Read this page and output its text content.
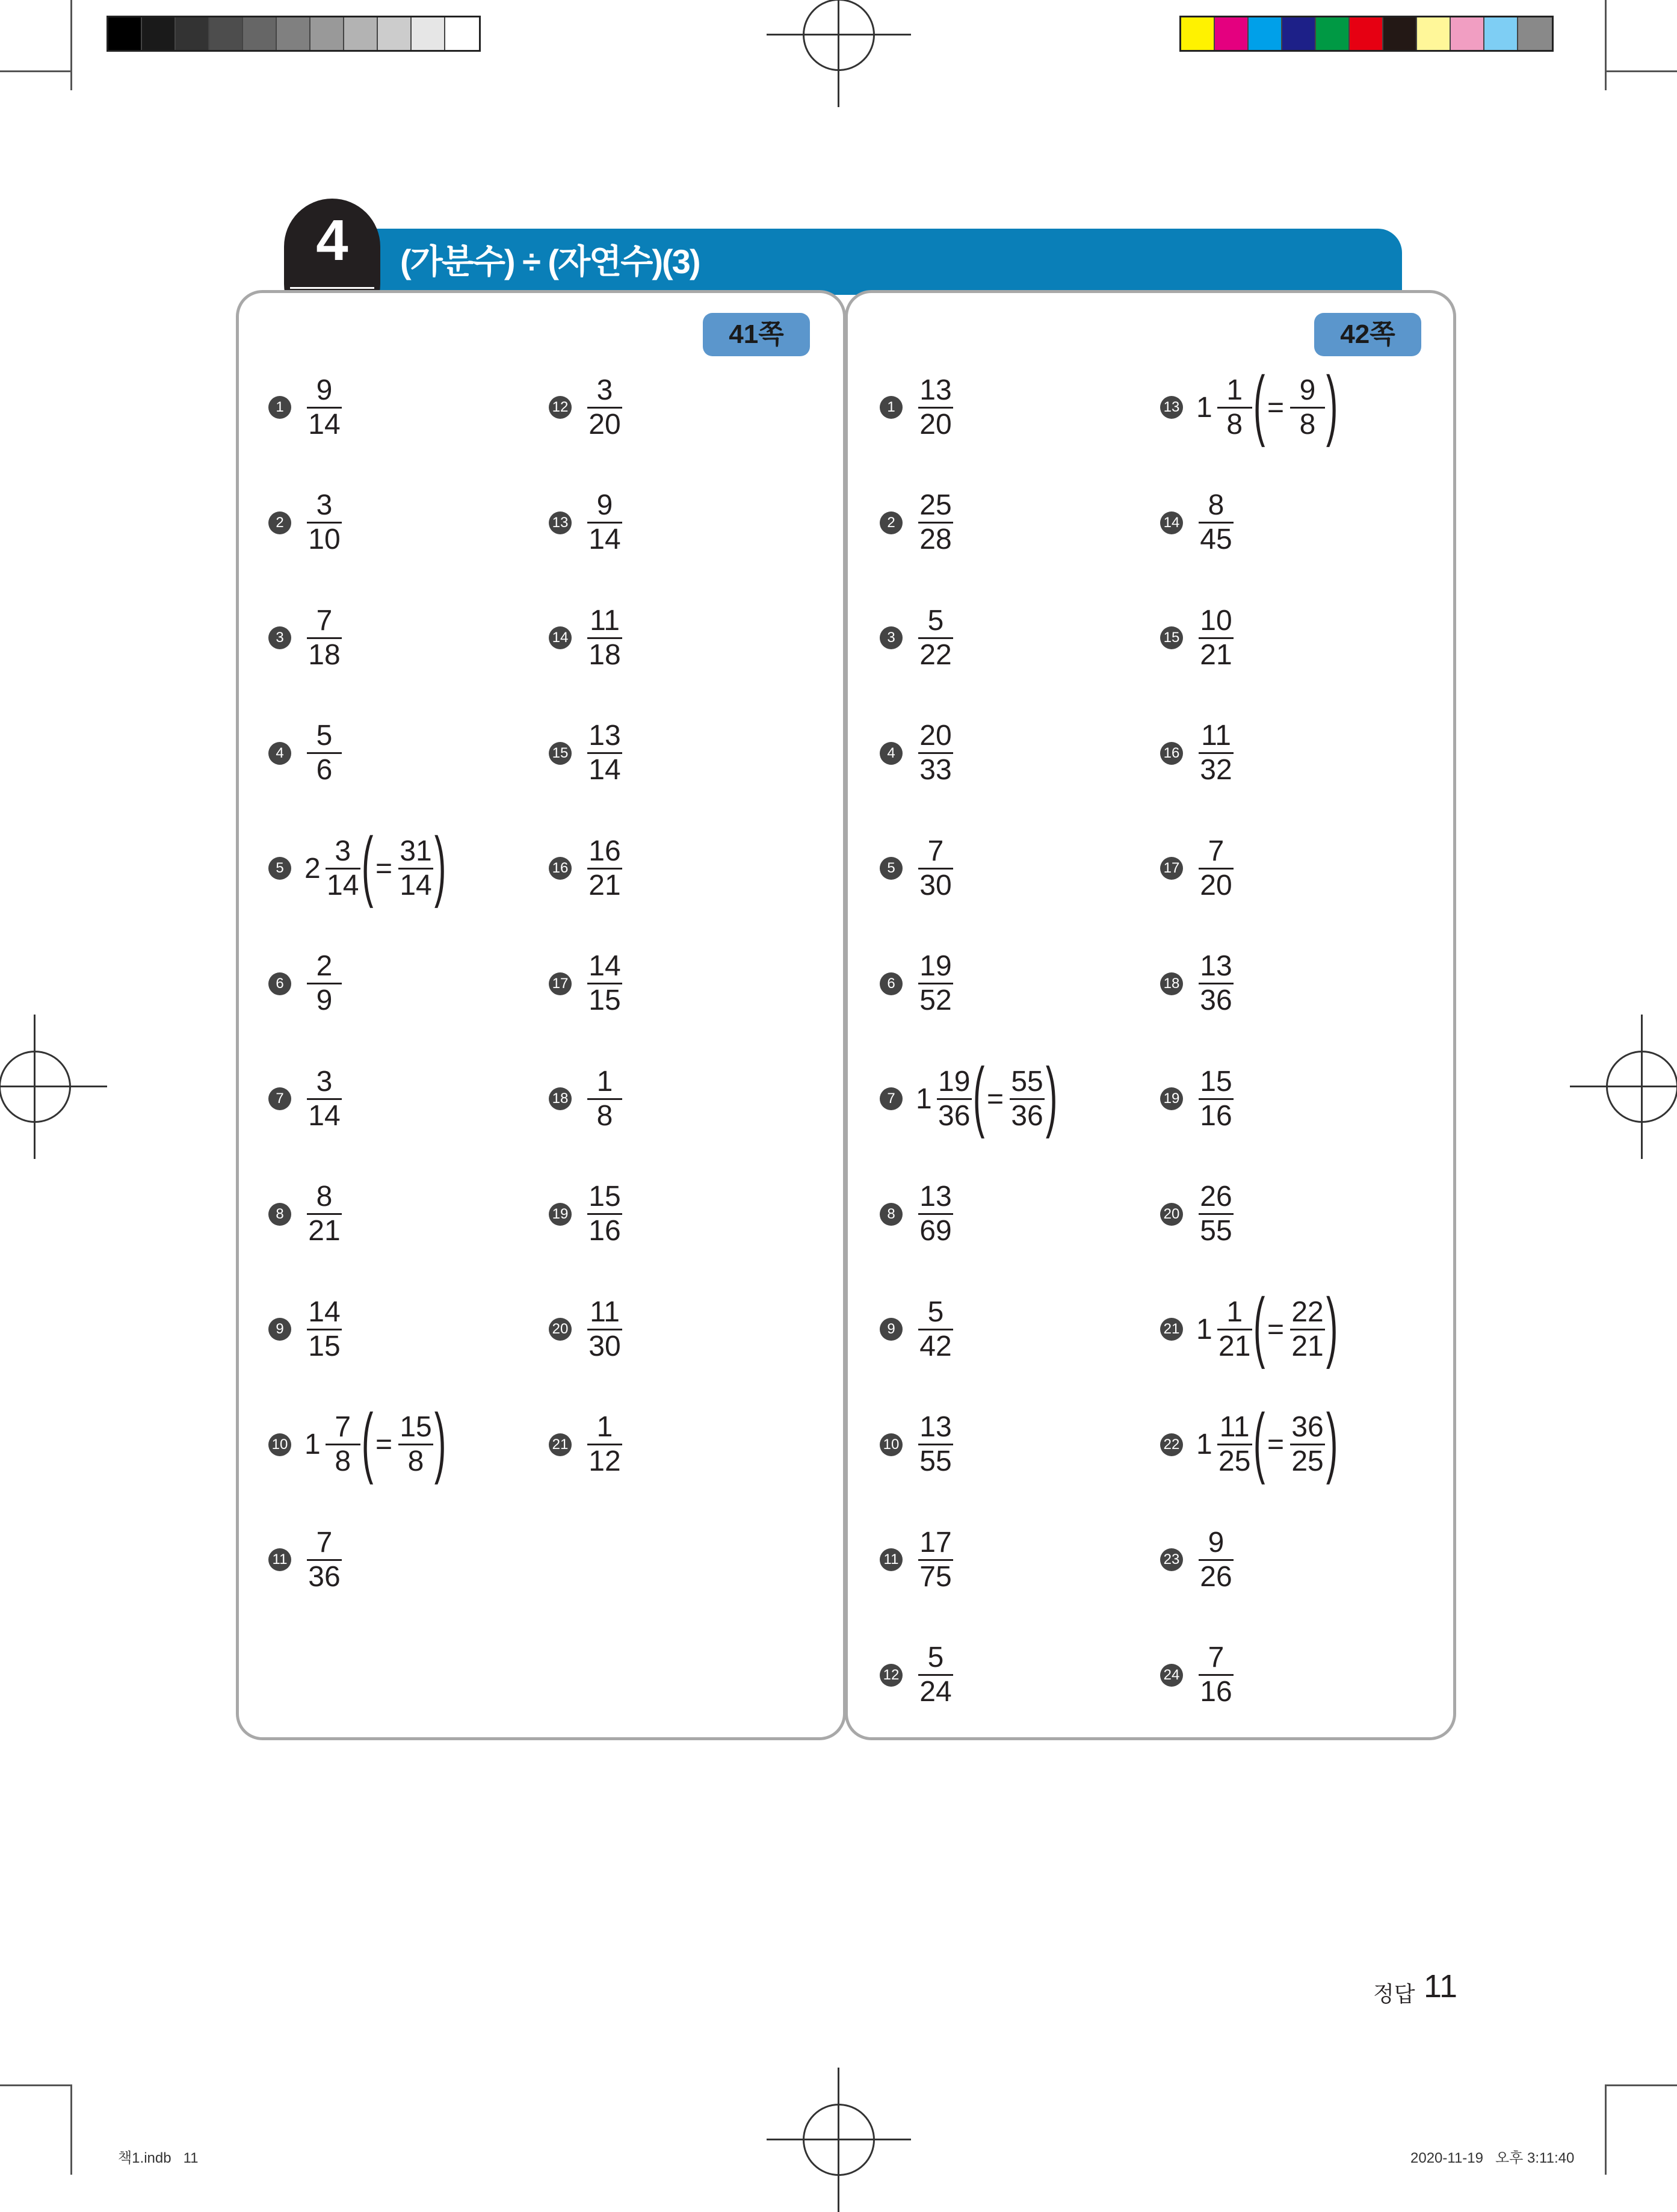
(가분수) ÷ (자연수)(3)
4
41쪽	42쪽
$1 \frac{9}{14}$
$2 \frac{3}{10}$
$3 \frac{7}{18}$
$4 \frac{5}{6}$
5 $2 \frac{3}{14}$
( = $\frac{31}{14}$
)
$6 \frac{2}{9}$
$7 \frac{3}{14}$
$8 \frac{8}{21}$
$9 \frac{14}{15}$
10 $1 \frac{7}{8}$
( = $\frac{15}{8}$
)
$11 \frac{7}{36}$
$12 \frac{3}{20}$
$13 \frac{9}{14}$
$14 \frac{11}{18}$
$15 \frac{13}{14}$
$16 \frac{16}{21}$
$17 \frac{14}{15}$
$18 \frac{1}{8}$
$19 \frac{15}{16}$
$20 \frac{11}{30}$
$21 \frac{1}{12}$
$1 \frac{13}{20}$
$2 \frac{25}{28}$
$3 \frac{5}{22}$
$4 \frac{20}{33}$
$5 \frac{7}{30}$
$6 \frac{19}{52}$
7 $1 \frac{19}{36}$
( = $\frac{55}{36}$
)
$8 \frac{13}{69}$
$9 \frac{5}{42}$
$10 \frac{13}{55}$
$11 \frac{17}{75}$
$12 \frac{5}{24}$
13 $1 \frac{1}{8}$
( = $\frac{9}{8}$
)
$14 \frac{8}{45}$
$15 \frac{10}{21}$
$16 \frac{11}{32}$
$17 \frac{7}{20}$
$18 \frac{13}{36}$
$19 \frac{15}{16}$
$20 \frac{26}{55}$
21 $1 \frac{1}{21}$
( = $\frac{22}{21}$
)
22 $1 \frac{11}{25}$
( = $\frac{36}{25}$
)
$23 \frac{9}{26}$
$24 \frac{7}{16}$
정답 11
책1.indb   11	2020-11-19   오후 3:11:40
